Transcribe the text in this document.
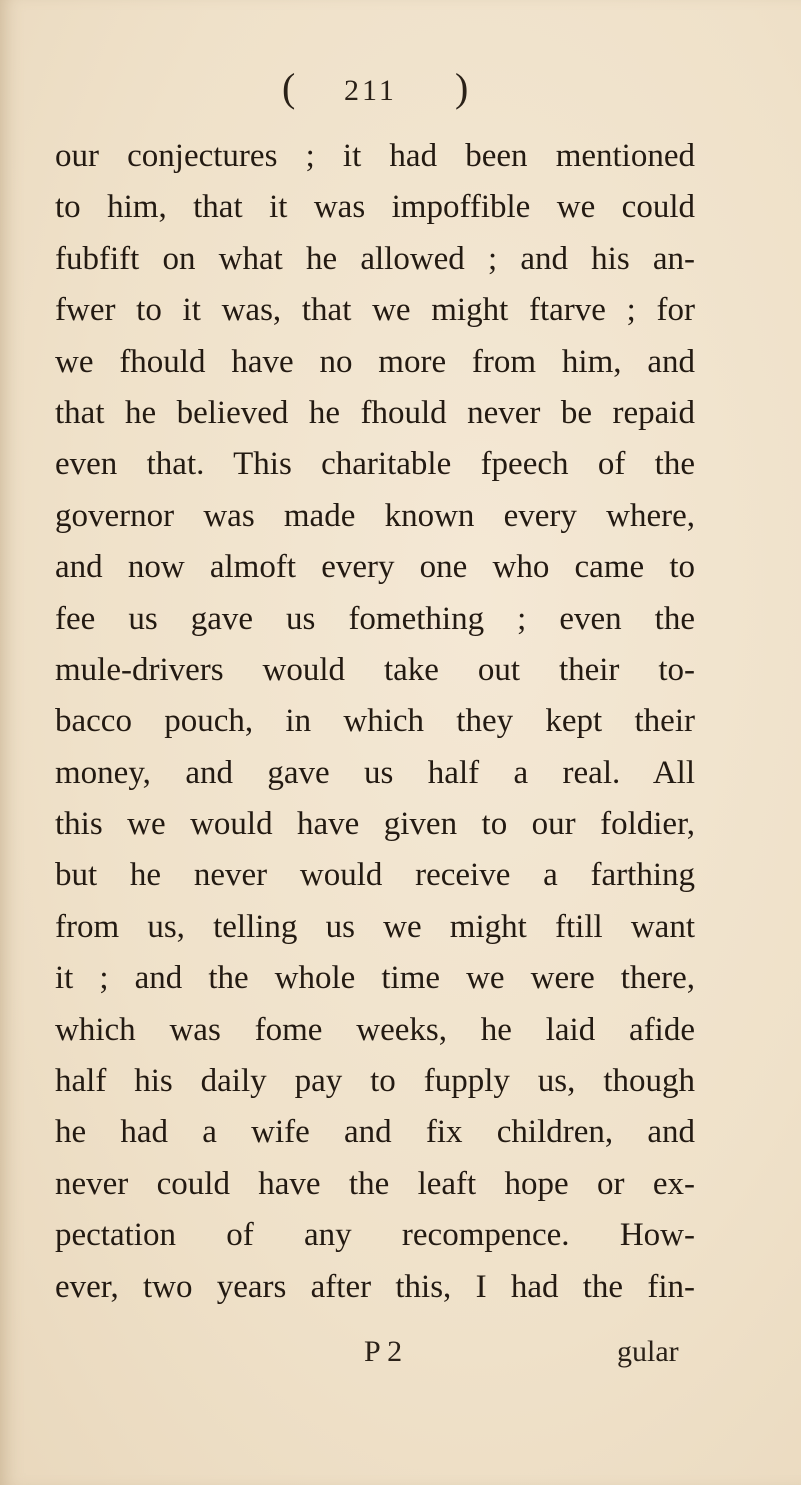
( 211 )
our conjectures ; it had been mentioned
to him, that it was impoffible we could
fubfift on what he allowed ; and his an-
fwer to it was, that we might ftarve ; for
we fhould have no more from him, and
that he believed he fhould never be repaid
even that. This charitable fpeech of the
governor was made known every where,
and now almoft every one who came to
fee us gave us fomething ; even the
mule-drivers would take out their to-
bacco pouch, in which they kept their
money, and gave us half a real. All
this we would have given to our foldier,
but he never would receive a farthing
from us, telling us we might ftill want
it ; and the whole time we were there,
which was fome weeks, he laid afide
half his daily pay to fupply us, though
he had a wife and fix children, and
never could have the leaft hope or ex-
pectation of any recompence. How-
ever, two years after this, I had the fin-
P 2	gular
